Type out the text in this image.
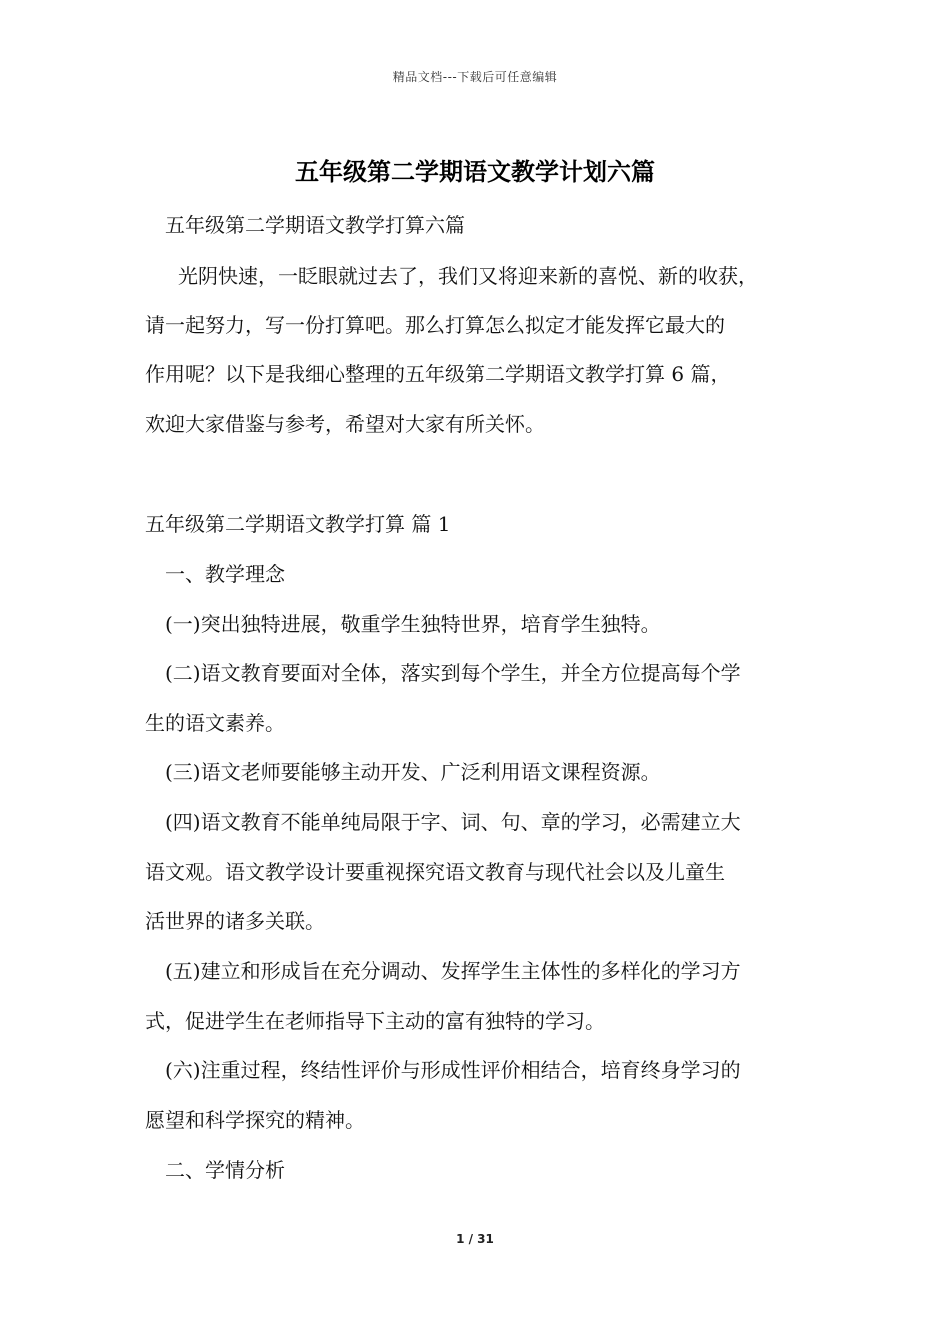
精品文档---下载后可任意编辑
五年级第二学期语文教学计划六篇
五年级第二学期语文教学打算六篇
光阴快速，一眨眼就过去了，我们又将迎来新的喜悦、新的收获，
请一起努力，写一份打算吧。那么打算怎么拟定才能发挥它最大的
作用呢？以下是我细心整理的五年级第二学期语文教学打算 6 篇，
欢迎大家借鉴与参考，希望对大家有所关怀。
五年级第二学期语文教学打算 篇 1
一、教学理念
(一)突出独特进展，敬重学生独特世界，培育学生独特。
(二)语文教育要面对全体，落实到每个学生，并全方位提高每个学
生的语文素养。
(三)语文老师要能够主动开发、广泛利用语文课程资源。
(四)语文教育不能单纯局限于字、词、句、章的学习，必需建立大
语文观。语文教学设计要重视探究语文教育与现代社会以及儿童生
活世界的诸多关联。
(五)建立和形成旨在充分调动、发挥学生主体性的多样化的学习方
式，促进学生在老师指导下主动的富有独特的学习。
(六)注重过程，终结性评价与形成性评价相结合，培育终身学习的
愿望和科学探究的精神。
二、学情分析
1 / 31
